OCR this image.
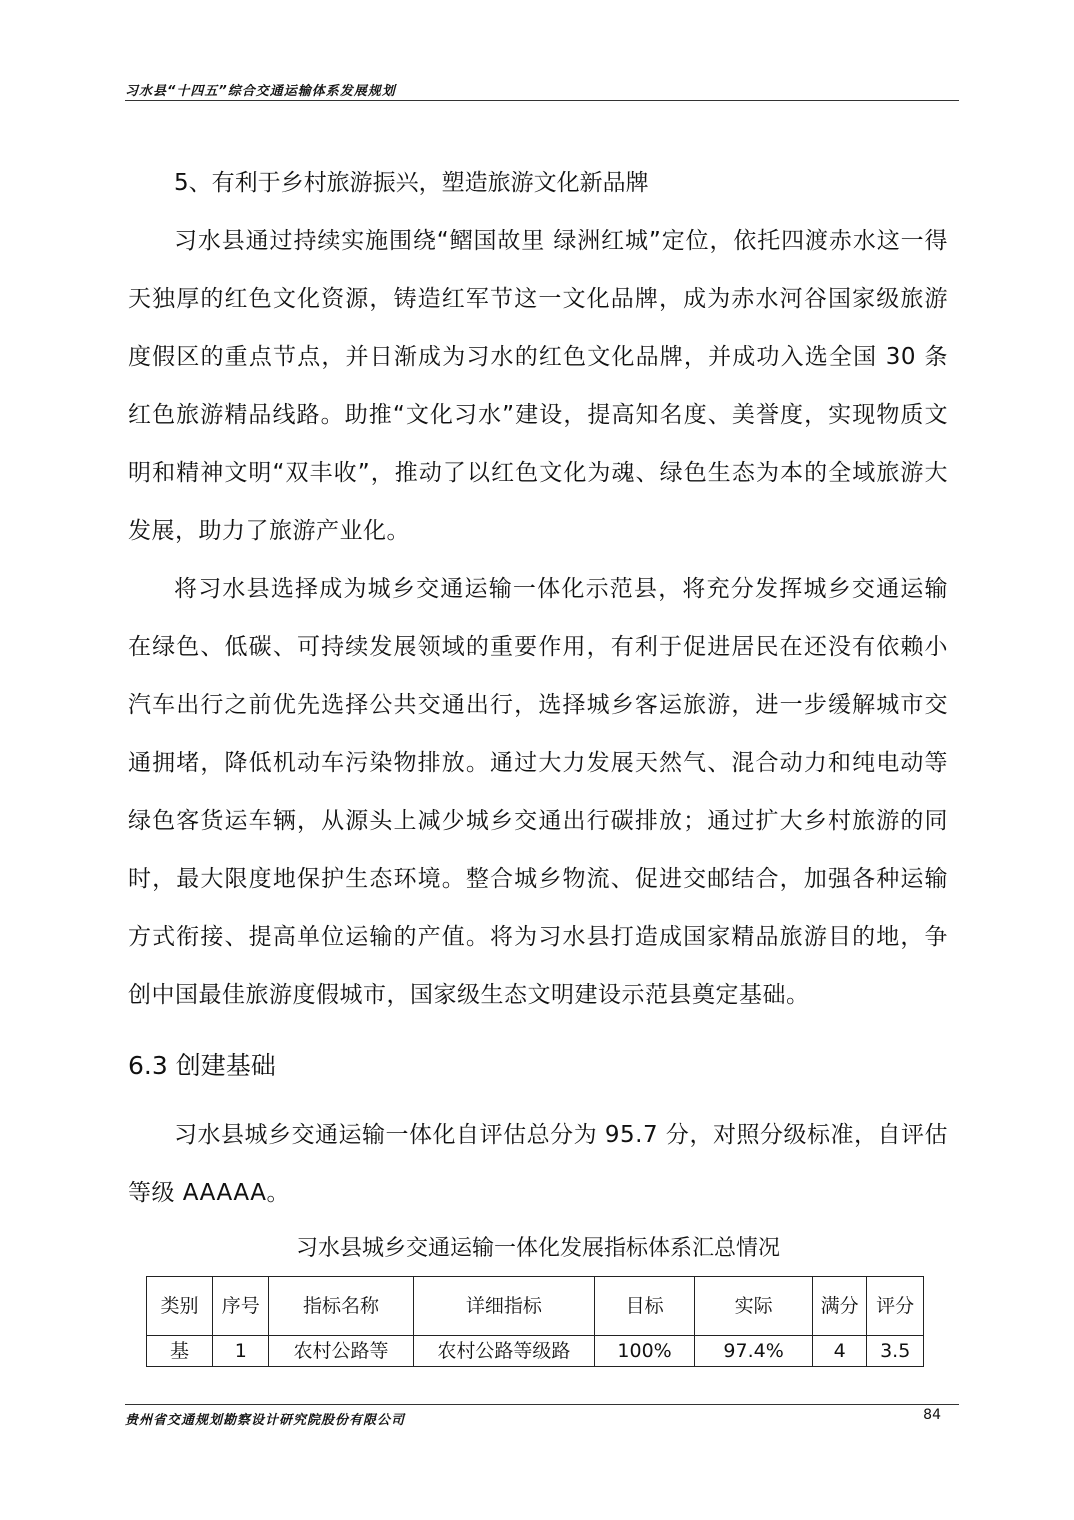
习水县“十四五”综合交通运输体系发展规划
5、有利于乡村旅游振兴，塑造旅游文化新品牌

习水县通过持续实施围绕“鳛国故里 绿洲红城”定位，依托四渡赤水这一得天独厚的红色文化资源，铸造红军节这一文化品牌，成为赤水河谷国家级旅游度假区的重点节点，并日渐成为习水的红色文化品牌，并成功入选全国 30 条红色旅游精品线路。助推“文化习水”建设，提高知名度、美誉度，实现物质文明和精神文明“双丰收”，推动了以红色文化为魂、绿色生态为本的全域旅游大发展，助力了旅游产业化。

将习水县选择成为城乡交通运输一体化示范县，将充分发挥城乡交通运输在绿色、低碳、可持续发展领域的重要作用，有利于促进居民在还没有依赖小汽车出行之前优先选择公共交通出行，选择城乡客运旅游，进一步缓解城市交通拥堵，降低机动车污染物排放。通过大力发展天然气、混合动力和纯电动等绿色客货运车辆，从源头上减少城乡交通出行碳排放；通过扩大乡村旅游的同时，最大限度地保护生态环境。整合城乡物流、促进交邮结合，加强各种运输方式衔接、提高单位运输的产值。将为习水县打造成国家精品旅游目的地，争创中国最佳旅游度假城市，国家级生态文明建设示范县奠定基础。

6.3 创建基础

习水县城乡交通运输一体化自评估总分为 95.7 分，对照分级标准，自评估等级 AAAAA。

习水县城乡交通运输一体化发展指标体系汇总情况
类别	序号	指标名称	详细指标	目标	实际	满分	评分
基	1	农村公路等	农村公路等级路	100%	97.4%	4	3.5
贵州省交通规划勘察设计研究院股份有限公司	84
